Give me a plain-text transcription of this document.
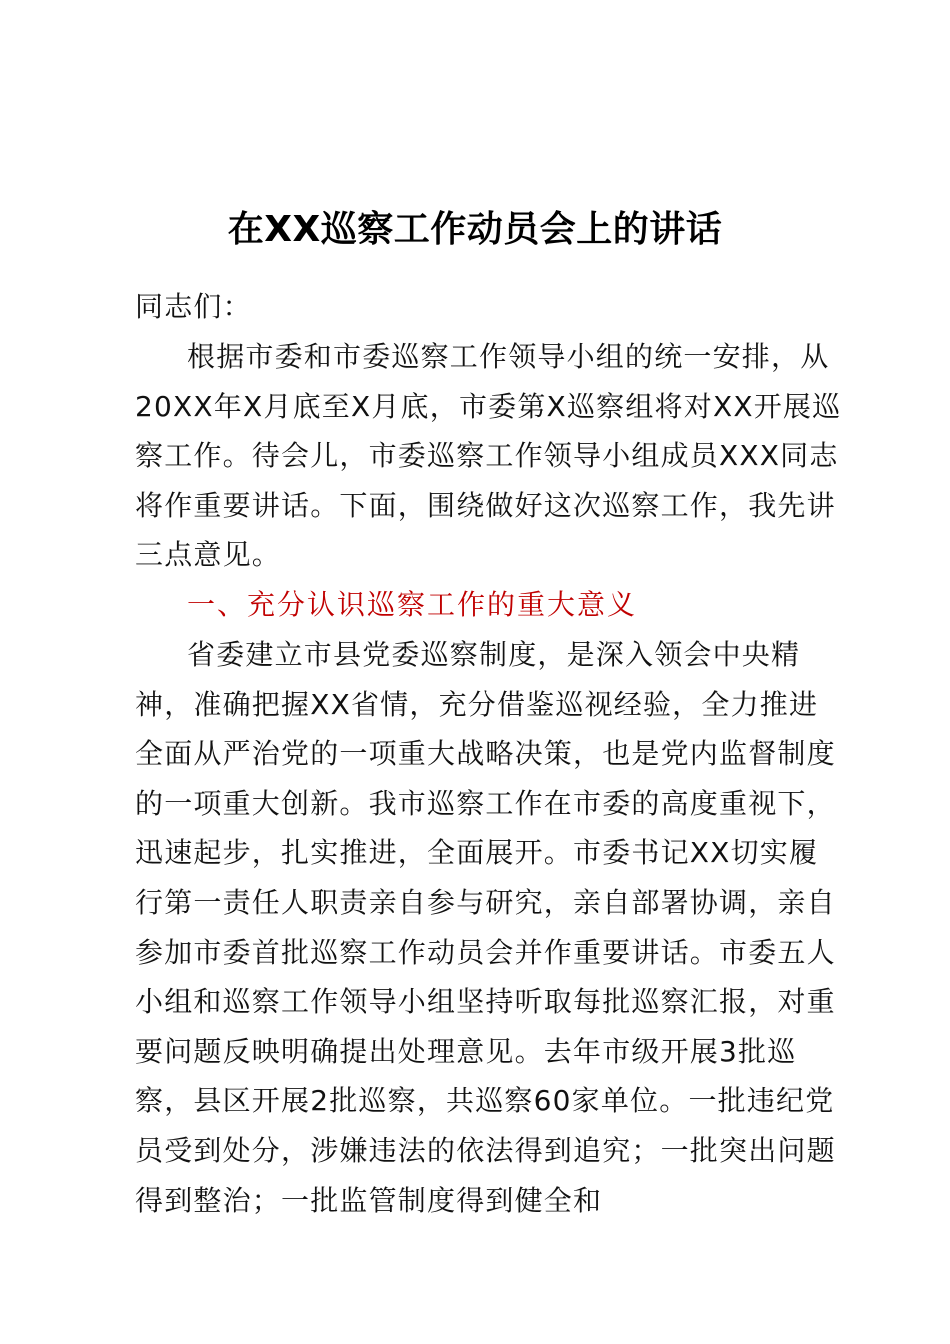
在XX巡察工作动员会上的讲话
同志们：
根据市委和市委巡察工作领导小组的统一安排，从20XX年X月底至X月底，市委第X巡察组将对XX开展巡察工作。待会儿，市委巡察工作领导小组成员XXX同志将作重要讲话。下面，围绕做好这次巡察工作，我先讲三点意见。
一、充分认识巡察工作的重大意义
省委建立市县党委巡察制度，是深入领会中央精神，准确把握XX省情，充分借鉴巡视经验，全力推进全面从严治党的一项重大战略决策，也是党内监督制度的一项重大创新。我市巡察工作在市委的高度重视下，迅速起步，扎实推进，全面展开。市委书记XX切实履行第一责任人职责亲自参与研究，亲自部署协调，亲自参加市委首批巡察工作动员会并作重要讲话。市委五人小组和巡察工作领导小组坚持听取每批巡察汇报，对重要问题反映明确提出处理意见。去年市级开展3批巡察，县区开展2批巡察，共巡察60家单位。一批违纪党员受到处分，涉嫌违法的依法得到追究；一批突出问题得到整治；一批监管制度得到健全和
